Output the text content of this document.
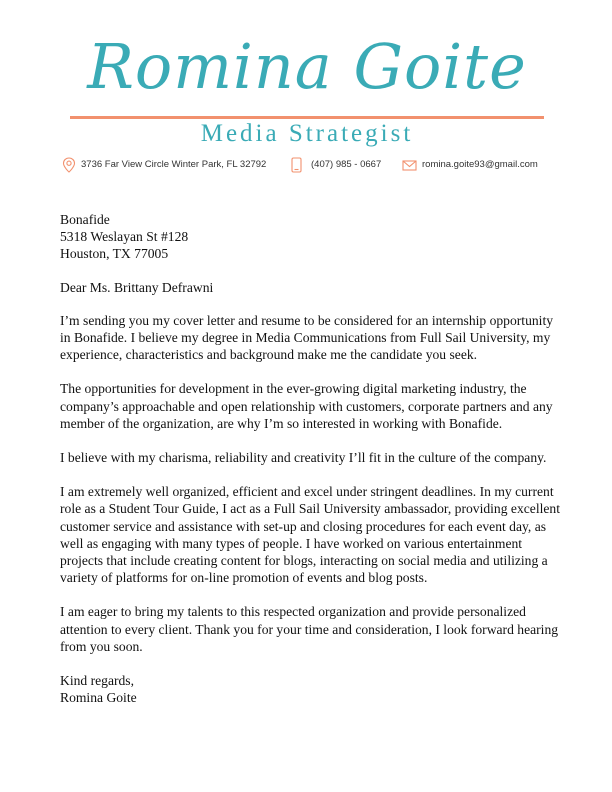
Romina Goite
Media Strategist
3736 Far View Circle Winter Park, FL 32792	(407) 985 - 0667	romina.goite93@gmail.com

Bonafide

5318 Weslayan St #128

Houston, TX 77005

Dear Ms. Brittany Defrawni

I’m sending you my cover letter and resume to be considered for an internship opportunity in Bonafide. I believe my degree in Media Communications from Full Sail University, my experience, characteristics and background make me the candidate you seek.

The opportunities for development in the ever-growing digital marketing industry, the company’s approachable and open relationship with customers, corporate partners and any member of the organization, are why I’m so interested in working with Bonafide.

I believe with my charisma, reliability and creativity I’ll fit in the culture of the company.

I am extremely well organized, efficient and excel under stringent deadlines. In my current role as a Student Tour Guide, I act as a Full Sail University ambassador, providing excellent customer service and assistance with set-up and closing procedures for each event day, as well as engaging with many types of people. I have worked on various entertainment projects that include creating content for blogs, interacting on social media and utilizing a variety of platforms for on-line promotion of events and blog posts.

I am eager to bring my talents to this respected organization and provide personalized attention to every client. Thank you for your time and consideration, I look forward hearing from you soon.

Kind regards,

Romina Goite
